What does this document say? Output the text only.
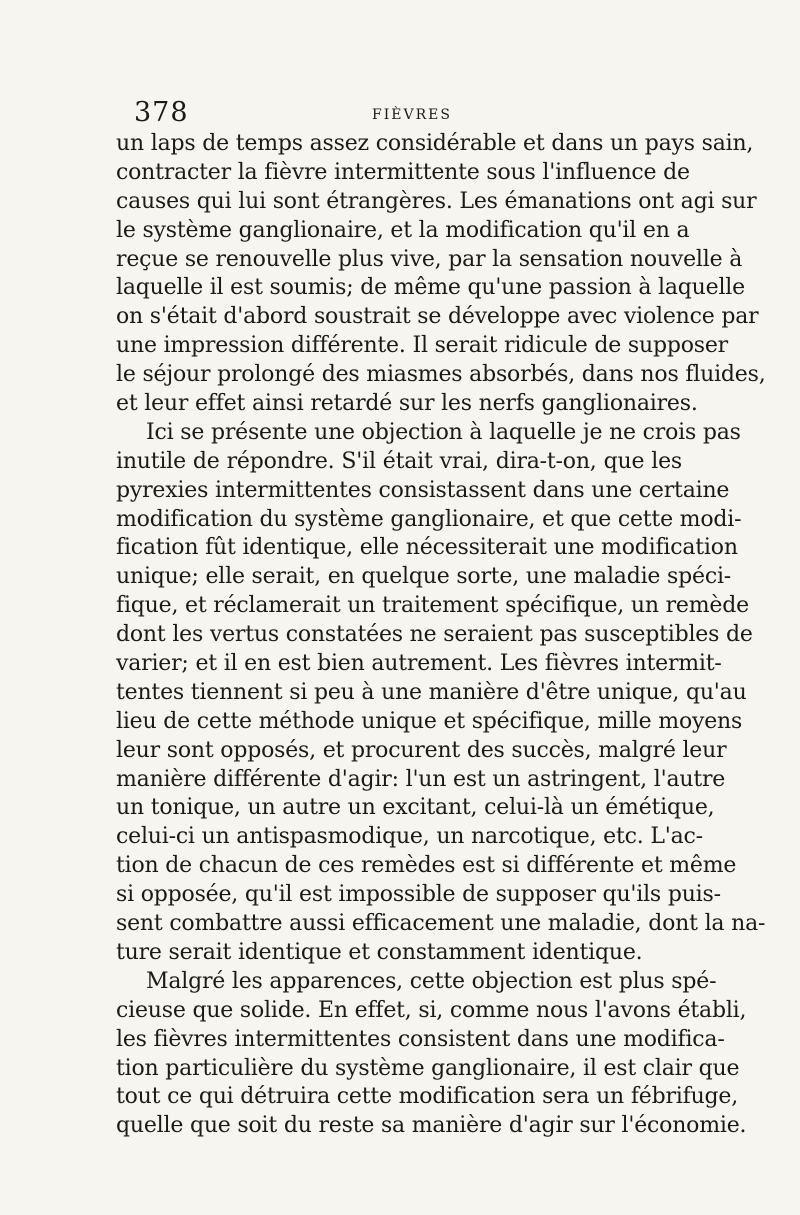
378	FIÈVRES
un laps de temps assez considérable et dans un pays sain,
contracter la fièvre intermittente sous l'influence de
causes qui lui sont étrangères. Les émanations ont agi sur
le système ganglionaire, et la modification qu'il en a
reçue se renouvelle plus vive, par la sensation nouvelle à
laquelle il est soumis; de même qu'une passion à laquelle
on s'était d'abord soustrait se développe avec violence par
une impression différente. Il serait ridicule de supposer
le séjour prolongé des miasmes absorbés, dans nos fluides,
et leur effet ainsi retardé sur les nerfs ganglionaires.
Ici se présente une objection à laquelle je ne crois pas
inutile de répondre. S'il était vrai, dira-t-on, que les
pyrexies intermittentes consistassent dans une certaine
modification du système ganglionaire, et que cette modi-
fication fût identique, elle nécessiterait une modification
unique; elle serait, en quelque sorte, une maladie spéci-
fique, et réclamerait un traitement spécifique, un remède
dont les vertus constatées ne seraient pas susceptibles de
varier; et il en est bien autrement. Les fièvres intermit-
tentes tiennent si peu à une manière d'être unique, qu'au
lieu de cette méthode unique et spécifique, mille moyens
leur sont opposés, et procurent des succès, malgré leur
manière différente d'agir: l'un est un astringent, l'autre
un tonique, un autre un excitant, celui-là un émétique,
celui-ci un antispasmodique, un narcotique, etc. L'ac-
tion de chacun de ces remèdes est si différente et même
si opposée, qu'il est impossible de supposer qu'ils puis-
sent combattre aussi efficacement une maladie, dont la na-
ture serait identique et constamment identique.
Malgré les apparences, cette objection est plus spé-
cieuse que solide. En effet, si, comme nous l'avons établi,
les fièvres intermittentes consistent dans une modifica-
tion particulière du système ganglionaire, il est clair que
tout ce qui détruira cette modification sera un fébrifuge,
quelle que soit du reste sa manière d'agir sur l'économie.
